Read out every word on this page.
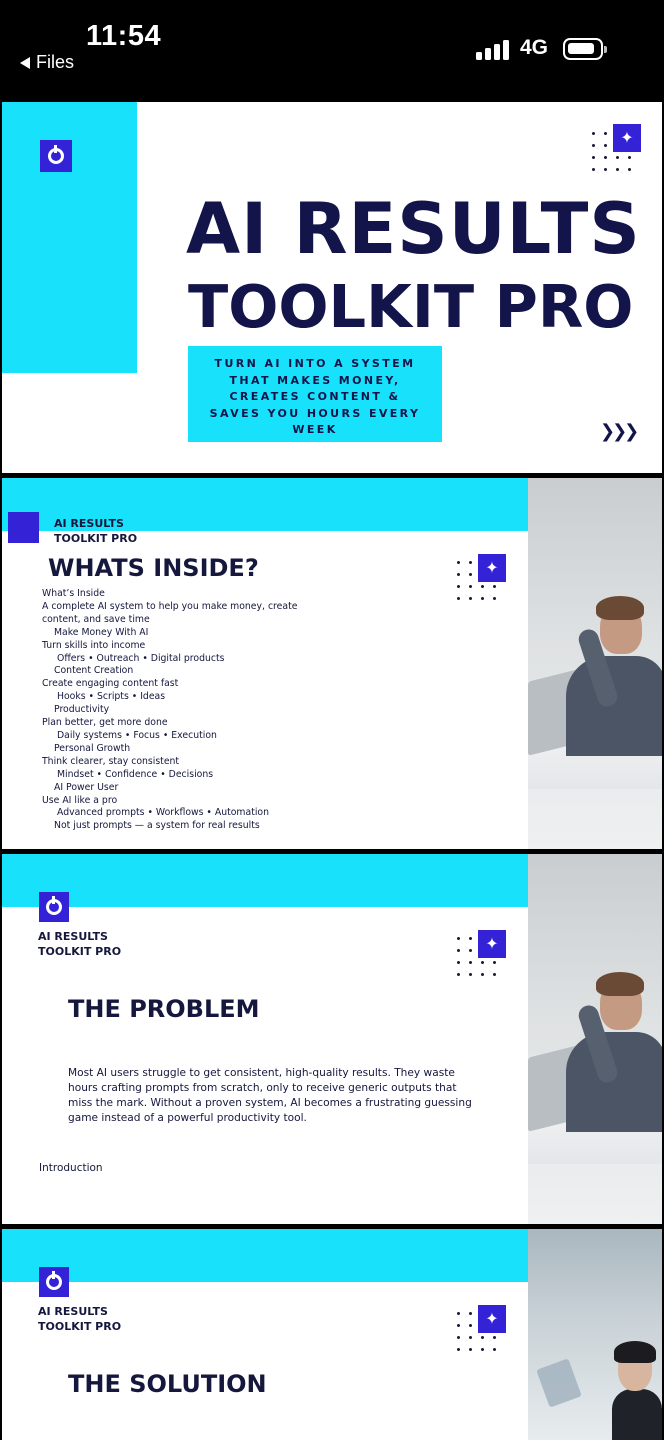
11:54
Files
4G
✦
AI RESULTS
TOOLKIT PRO
TURN AI INTO A SYSTEM
THAT MAKES MONEY,
CREATES CONTENT &
SAVES YOU HOURS EVERY
WEEK	❯❯❯
AI RESULTS
TOOLKIT PRO
WHATS INSIDE?	✦
What’s Inside
A complete AI system to help you make money, create
content, and save time
Make Money With AI
Turn skills into income
Offers • Outreach • Digital products
Content Creation
Create engaging content fast
Hooks • Scripts • Ideas
Productivity
Plan better, get more done
Daily systems • Focus • Execution
Personal Growth
Think clearer, stay consistent
Mindset • Confidence • Decisions
AI Power User
Use AI like a pro
Advanced prompts • Workflows • Automation
Not just prompts — a system for real results
AI RESULTS
TOOLKIT PRO	✦
THE PROBLEM
Most AI users struggle to get consistent, high-quality results. They waste
hours crafting prompts from scratch, only to receive generic outputs that
miss the mark. Without a proven system, AI becomes a frustrating guessing
game instead of a powerful productivity tool.
Introduction
AI RESULTS
TOOLKIT PRO	✦
THE SOLUTION
